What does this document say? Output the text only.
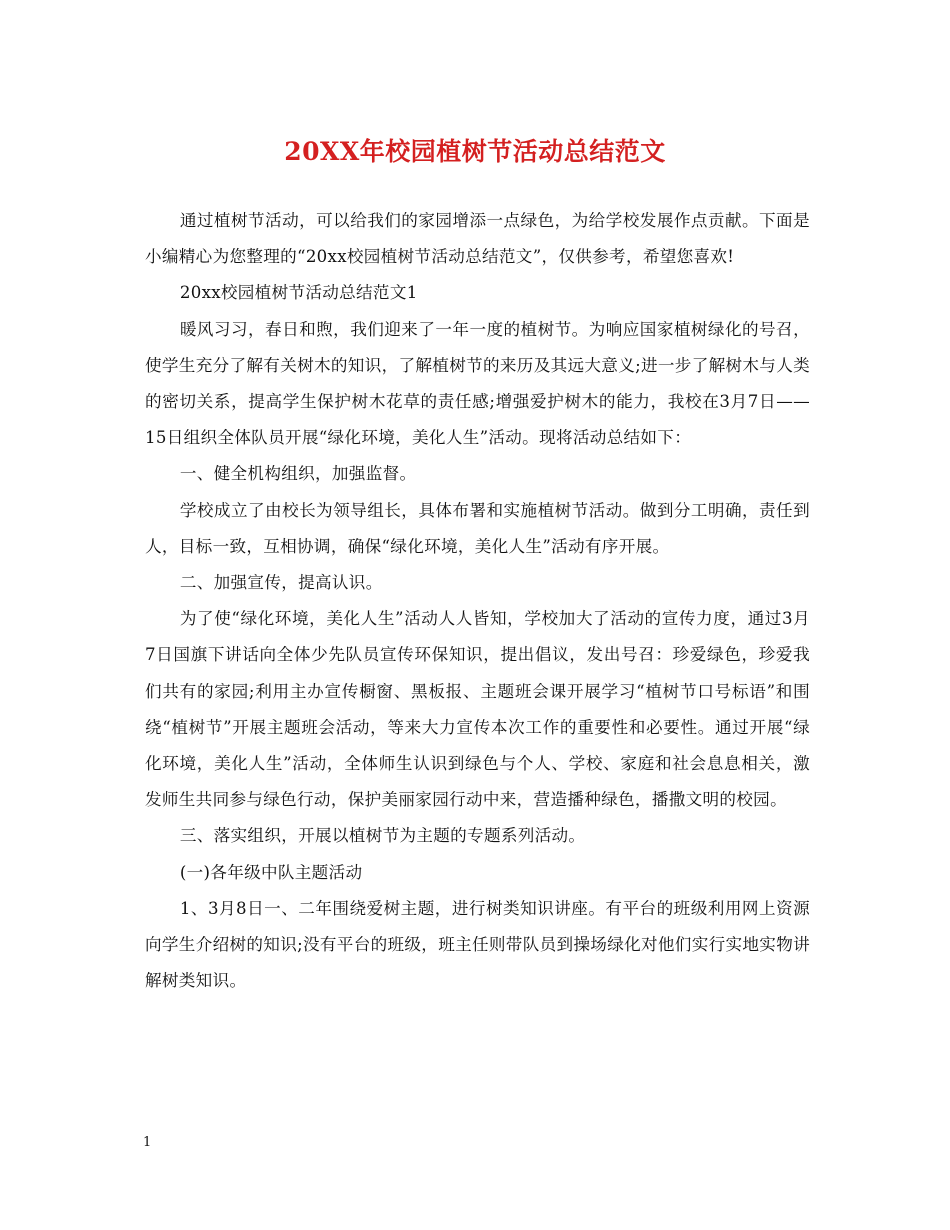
20XX年校园植树节活动总结范文

通过植树节活动，可以给我们的家园增添一点绿色，为给学校发展作点贡献。下面是小编精心为您整理的“20xx校园植树节活动总结范文”，仅供参考，希望您喜欢!

20xx校园植树节活动总结范文1

暖风习习，春日和煦，我们迎来了一年一度的植树节。为响应国家植树绿化的号召，使学生充分了解有关树木的知识，了解植树节的来历及其远大意义;进一步了解树木与人类的密切关系，提高学生保护树木花草的责任感;增强爱护树木的能力，我校在3月7日——15日组织全体队员开展“绿化环境，美化人生”活动。现将活动总结如下：

一、健全机构组织，加强监督。

学校成立了由校长为领导组长，具体布署和实施植树节活动。做到分工明确，责任到人，目标一致，互相协调，确保“绿化环境，美化人生”活动有序开展。

二、加强宣传，提高认识。

为了使“绿化环境，美化人生”活动人人皆知，学校加大了活动的宣传力度，通过3月7日国旗下讲话向全体少先队员宣传环保知识，提出倡议，发出号召：珍爱绿色，珍爱我们共有的家园;利用主办宣传橱窗、黑板报、主题班会课开展学习“植树节口号标语”和围绕“植树节”开展主题班会活动，等来大力宣传本次工作的重要性和必要性。通过开展“绿化环境，美化人生”活动，全体师生认识到绿色与个人、学校、家庭和社会息息相关，激发师生共同参与绿色行动，保护美丽家园行动中来，营造播种绿色，播撒文明的校园。

三、落实组织，开展以植树节为主题的专题系列活动。

(一)各年级中队主题活动

1、3月8日一、二年围绕爱树主题，进行树类知识讲座。有平台的班级利用网上资源向学生介绍树的知识;没有平台的班级，班主任则带队员到操场绿化对他们实行实地实物讲解树类知识。

1
